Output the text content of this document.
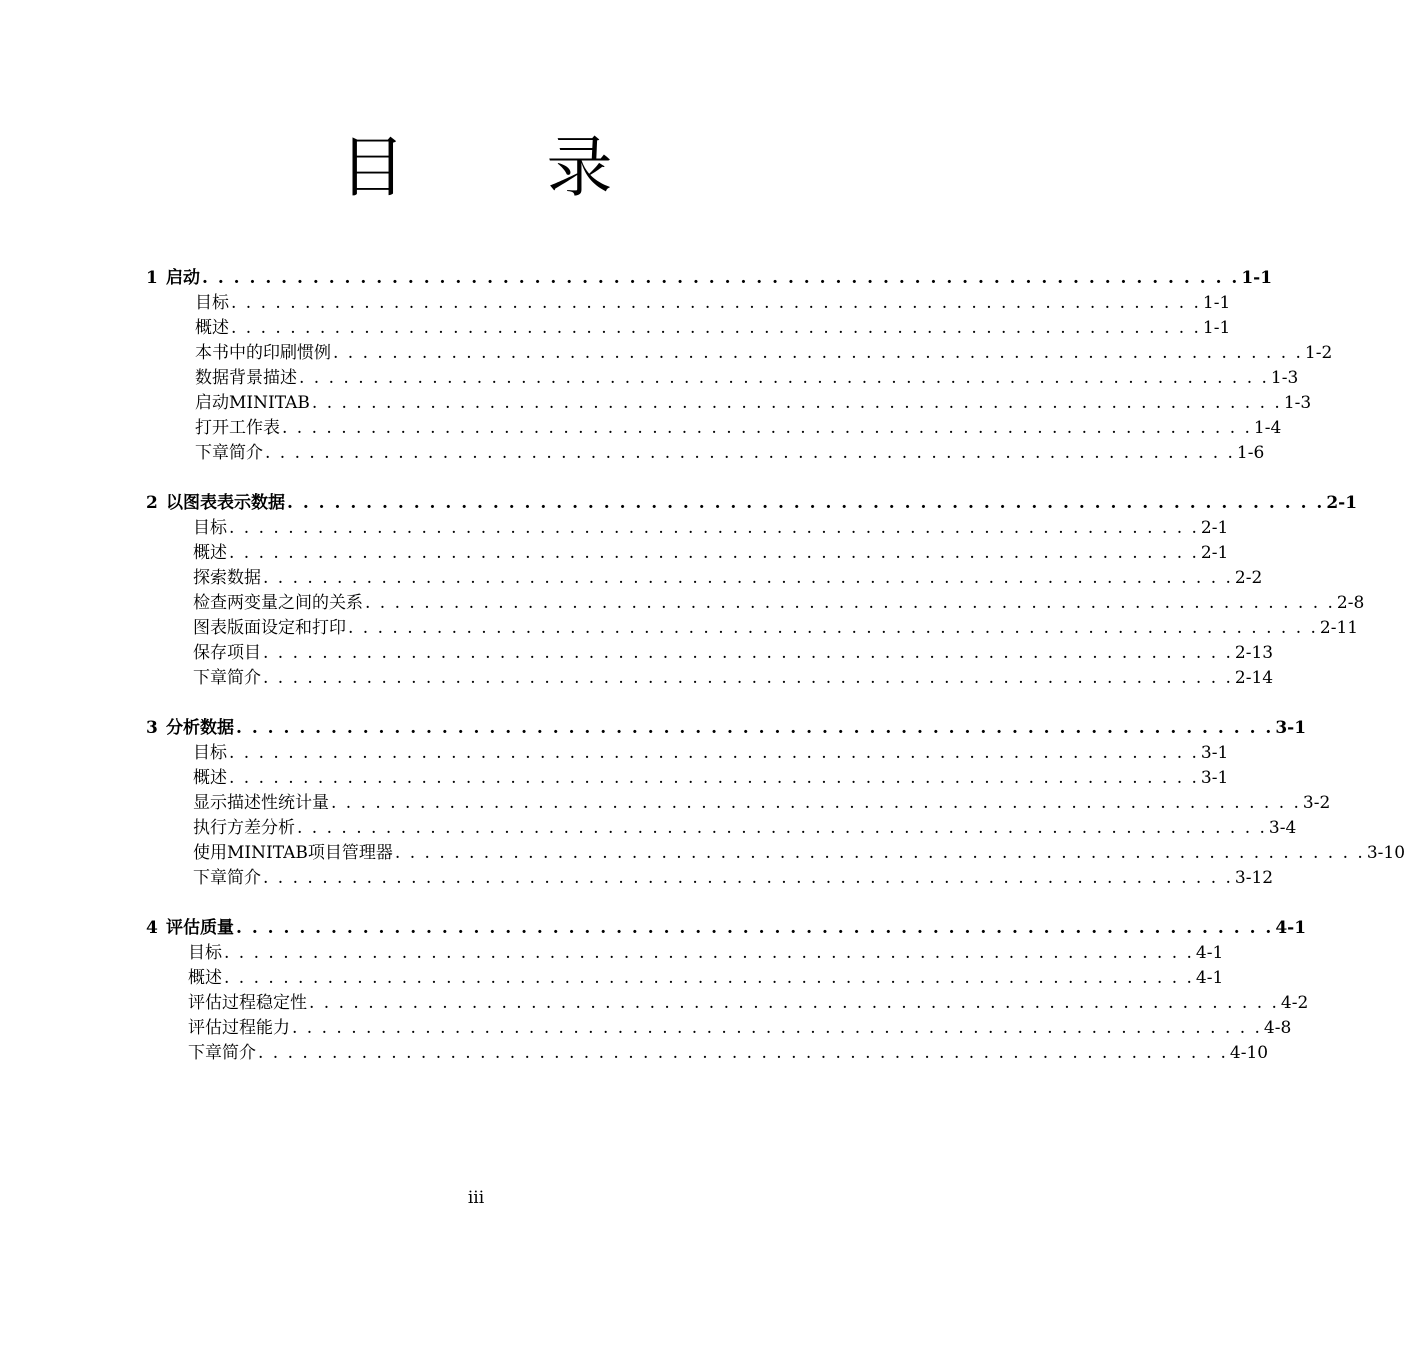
目 录
1 启动 . . . . . . . . . . . . . . . . . . . . . . . . . . . . . . . . . . . . . . . . . . . . . . . . . . . . . . . . . . . . . . . . . . 1-1
目标 . . . . . . . . . . . . . . . . . . . . . . . . . . . . . . . . . . . . . . . . . . . . . . . . . . . . . . . . . . . . . . . . . . 1-1
概述 . . . . . . . . . . . . . . . . . . . . . . . . . . . . . . . . . . . . . . . . . . . . . . . . . . . . . . . . . . . . . . . . . . 1-1
本书中的印刷惯例 . . . . . . . . . . . . . . . . . . . . . . . . . . . . . . . . . . . . . . . . . . . . . . . . . . . . . . . . . . . . . . . . . . 1-2
数据背景描述 . . . . . . . . . . . . . . . . . . . . . . . . . . . . . . . . . . . . . . . . . . . . . . . . . . . . . . . . . . . . . . . . . . 1-3
启动MINITAB . . . . . . . . . . . . . . . . . . . . . . . . . . . . . . . . . . . . . . . . . . . . . . . . . . . . . . . . . . . . . . . . . . 1-3
打开工作表 . . . . . . . . . . . . . . . . . . . . . . . . . . . . . . . . . . . . . . . . . . . . . . . . . . . . . . . . . . . . . . . . . . 1-4
下章简介 . . . . . . . . . . . . . . . . . . . . . . . . . . . . . . . . . . . . . . . . . . . . . . . . . . . . . . . . . . . . . . . . . . 1-6
2 以图表表示数据 . . . . . . . . . . . . . . . . . . . . . . . . . . . . . . . . . . . . . . . . . . . . . . . . . . . . . . . . . . . . . . . . . . 2-1
目标 . . . . . . . . . . . . . . . . . . . . . . . . . . . . . . . . . . . . . . . . . . . . . . . . . . . . . . . . . . . . . . . . . . 2-1
概述 . . . . . . . . . . . . . . . . . . . . . . . . . . . . . . . . . . . . . . . . . . . . . . . . . . . . . . . . . . . . . . . . . . 2-1
探索数据 . . . . . . . . . . . . . . . . . . . . . . . . . . . . . . . . . . . . . . . . . . . . . . . . . . . . . . . . . . . . . . . . . . 2-2
检查两变量之间的关系 . . . . . . . . . . . . . . . . . . . . . . . . . . . . . . . . . . . . . . . . . . . . . . . . . . . . . . . . . . . . . . . . . . 2-8
图表版面设定和打印 . . . . . . . . . . . . . . . . . . . . . . . . . . . . . . . . . . . . . . . . . . . . . . . . . . . . . . . . . . . . . . . . . . 2-11
保存项目 . . . . . . . . . . . . . . . . . . . . . . . . . . . . . . . . . . . . . . . . . . . . . . . . . . . . . . . . . . . . . . . . . . 2-13
下章简介 . . . . . . . . . . . . . . . . . . . . . . . . . . . . . . . . . . . . . . . . . . . . . . . . . . . . . . . . . . . . . . . . . . 2-14
3 分析数据 . . . . . . . . . . . . . . . . . . . . . . . . . . . . . . . . . . . . . . . . . . . . . . . . . . . . . . . . . . . . . . . . . . 3-1
目标 . . . . . . . . . . . . . . . . . . . . . . . . . . . . . . . . . . . . . . . . . . . . . . . . . . . . . . . . . . . . . . . . . . 3-1
概述 . . . . . . . . . . . . . . . . . . . . . . . . . . . . . . . . . . . . . . . . . . . . . . . . . . . . . . . . . . . . . . . . . . 3-1
显示描述性统计量 . . . . . . . . . . . . . . . . . . . . . . . . . . . . . . . . . . . . . . . . . . . . . . . . . . . . . . . . . . . . . . . . . . 3-2
执行方差分析 . . . . . . . . . . . . . . . . . . . . . . . . . . . . . . . . . . . . . . . . . . . . . . . . . . . . . . . . . . . . . . . . . . 3-4
使用MINITAB项目管理器 . . . . . . . . . . . . . . . . . . . . . . . . . . . . . . . . . . . . . . . . . . . . . . . . . . . . . . . . . . . . . . . . . . 3-10
下章简介 . . . . . . . . . . . . . . . . . . . . . . . . . . . . . . . . . . . . . . . . . . . . . . . . . . . . . . . . . . . . . . . . . . 3-12
4 评估质量 . . . . . . . . . . . . . . . . . . . . . . . . . . . . . . . . . . . . . . . . . . . . . . . . . . . . . . . . . . . . . . . . . . 4-1
目标 . . . . . . . . . . . . . . . . . . . . . . . . . . . . . . . . . . . . . . . . . . . . . . . . . . . . . . . . . . . . . . . . . . 4-1
概述 . . . . . . . . . . . . . . . . . . . . . . . . . . . . . . . . . . . . . . . . . . . . . . . . . . . . . . . . . . . . . . . . . . 4-1
评估过程稳定性 . . . . . . . . . . . . . . . . . . . . . . . . . . . . . . . . . . . . . . . . . . . . . . . . . . . . . . . . . . . . . . . . . . 4-2
评估过程能力 . . . . . . . . . . . . . . . . . . . . . . . . . . . . . . . . . . . . . . . . . . . . . . . . . . . . . . . . . . . . . . . . . . 4-8
下章简介 . . . . . . . . . . . . . . . . . . . . . . . . . . . . . . . . . . . . . . . . . . . . . . . . . . . . . . . . . . . . . . . . . . 4-10
iii
